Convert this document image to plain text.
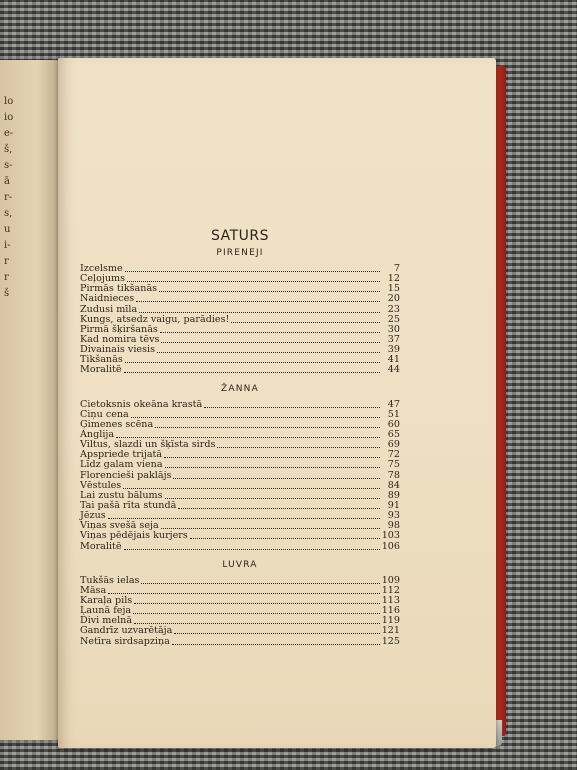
lo
io
e-
š,
s-
ā
r-
s,
u
i-
r
r
š
SATURS
PIRENEJI
Izcelsme	7
Ceļojums	12
Pirmās tikšanās	15
Naidnieces	20
Zudusi mīla	23
Kungs, atsedz vaigu, parādies!	25
Pirmā šķiršanās	30
Kad nomira tēvs	37
Divainais viesis	39
Tikšanās	41
Moralitē	44
ŽANNA
Cietoksnis okeāna krastā	47
Ciņu cena	51
Ģimenes scēna	60
Anglija	65
Viltus, slazdi un šķīsta sirds	69
Apspriede trijatā	72
Līdz galam viena	75
Florencieši paklājs	78
Vēstules	84
Lai zustu bālums	89
Tai pašā rīta stundā	91
Jēzus	93
Viņas svešā seja	98
Viņas pēdējais kurjers	103
Moralitē	106
LUVRA
Tukšās ielas	109
Māsa	112
Karaļa pils	113
Ļaunā feja	116
Divi melnā	119
Gandrīz uzvarētāja	121
Netīra sirdsapziņa	125
